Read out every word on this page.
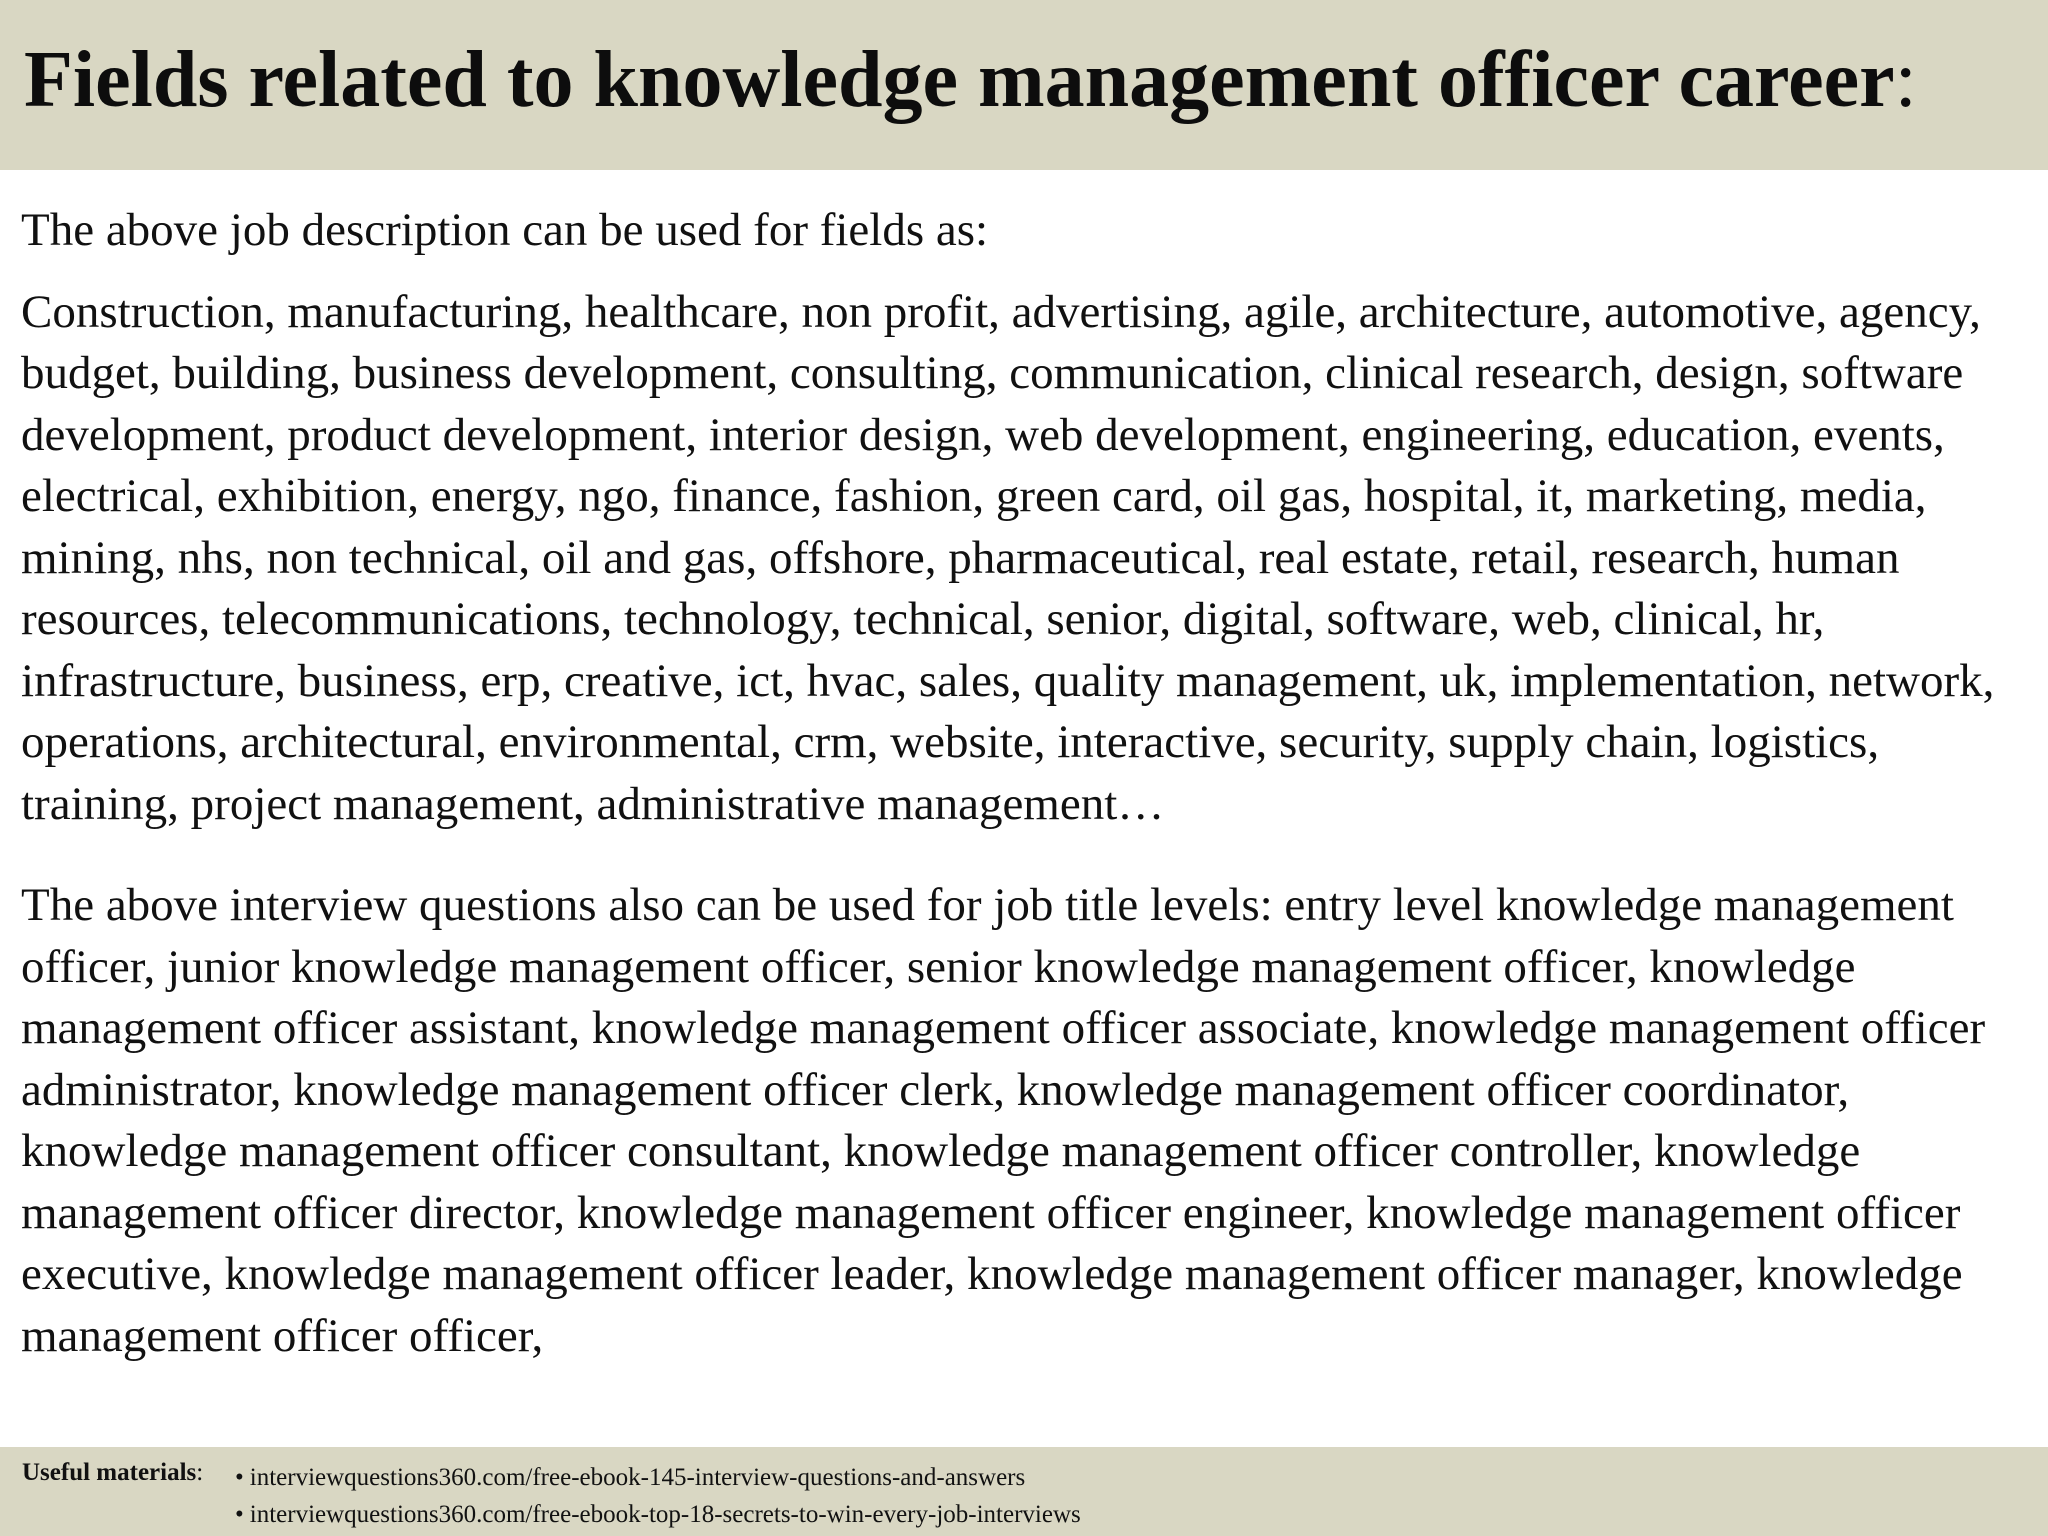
Fields related to knowledge management officer career:

The above job description can be used for fields as:

Construction, manufacturing, healthcare, non profit, advertising, agile, architecture, automotive, agency, budget, building, business development, consulting, communication, clinical research, design, software development, product development, interior design, web development, engineering, education, events, electrical, exhibition, energy, ngo, finance, fashion, green card, oil gas, hospital, it, marketing, media, mining, nhs, non technical, oil and gas, offshore, pharmaceutical, real estate, retail, research, human resources, telecommunications, technology, technical, senior, digital, software, web, clinical, hr, infrastructure, business, erp, creative, ict, hvac, sales, quality management, uk, implementation, network, operations, architectural, environmental, crm, website, interactive, security, supply chain, logistics, training, project management, administrative management…

The above interview questions also can be used for job title levels: entry level knowledge management officer, junior knowledge management officer, senior knowledge management officer, knowledge management officer assistant, knowledge management officer associate, knowledge management officer administrator, knowledge management officer clerk, knowledge management officer coordinator, knowledge management officer consultant, knowledge management officer controller, knowledge management officer director, knowledge management officer engineer, knowledge management officer executive, knowledge management officer leader, knowledge management officer manager, knowledge management officer officer,

Useful materials: • interviewquestions360.com/free-ebook-145-interview-questions-and-answers
• interviewquestions360.com/free-ebook-top-18-secrets-to-win-every-job-interviews
